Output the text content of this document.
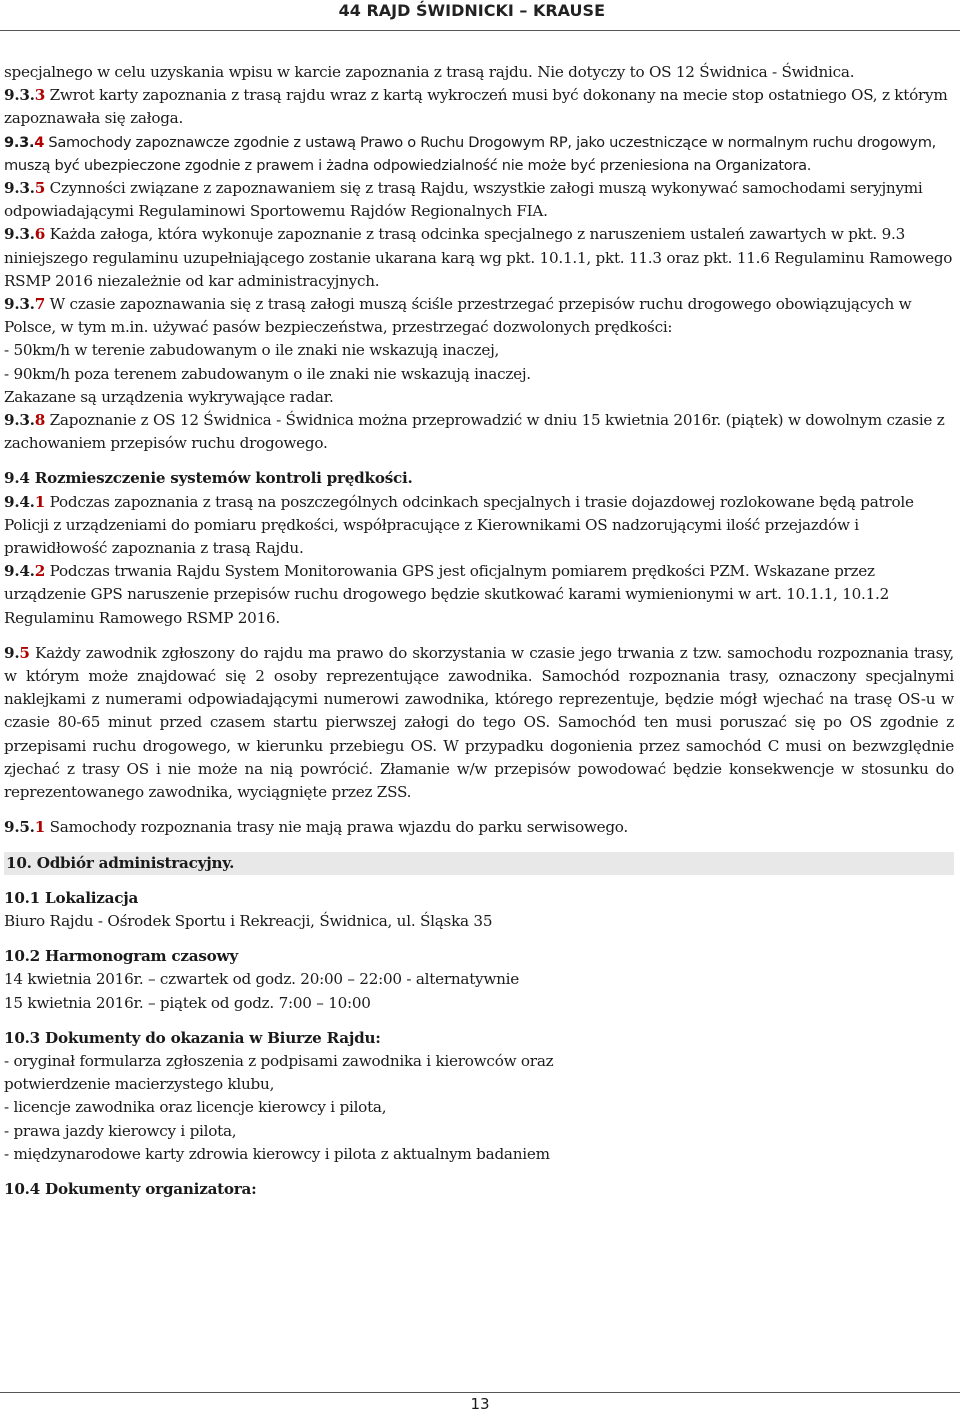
44 RAJD ŚWIDNICKI – KRAUSE

specjalnego w celu uzyskania wpisu w karcie zapoznania z trasą rajdu. Nie dotyczy to OS 12 Świdnica - Świdnica.

9.3.3 Zwrot karty zapoznania z trasą rajdu wraz z kartą wykroczeń musi być dokonany na mecie stop ostatniego OS, z którym zapoznawała się załoga.

9.3.4 Samochody zapoznawcze zgodnie z ustawą Prawo o Ruchu Drogowym RP, jako uczestniczące w normalnym ruchu drogowym, muszą być ubezpieczone zgodnie z prawem i żadna odpowiedzialność nie może być przeniesiona na Organizatora.

9.3.5 Czynności związane z zapoznawaniem się z trasą Rajdu, wszystkie załogi muszą wykonywać samochodami seryjnymi odpowiadającymi Regulaminowi Sportowemu Rajdów Regionalnych FIA.

9.3.6 Każda załoga, która wykonuje zapoznanie z trasą odcinka specjalnego z naruszeniem ustaleń zawartych w pkt. 9.3 niniejszego regulaminu uzupełniającego zostanie ukarana karą wg pkt. 10.1.1, pkt. 11.3 oraz pkt. 11.6 Regulaminu Ramowego RSMP 2016 niezależnie od kar administracyjnych.

9.3.7 W czasie zapoznawania się z trasą załogi muszą ściśle przestrzegać przepisów ruchu drogowego obowiązujących w Polsce, w tym m.in. używać pasów bezpieczeństwa, przestrzegać dozwolonych prędkości:

- 50km/h w terenie zabudowanym o ile znaki nie wskazują inaczej,

- 90km/h poza terenem zabudowanym o ile znaki nie wskazują inaczej.

Zakazane są urządzenia wykrywające radar.

9.3.8 Zapoznanie z OS 12 Świdnica - Świdnica można przeprowadzić w dniu 15 kwietnia 2016r. (piątek) w dowolnym czasie z zachowaniem przepisów ruchu drogowego.

9.4 Rozmieszczenie systemów kontroli prędkości.

9.4.1 Podczas zapoznania z trasą na poszczególnych odcinkach specjalnych i trasie dojazdowej rozlokowane będą patrole Policji z urządzeniami do pomiaru prędkości, współpracujące z Kierownikami OS nadzorującymi ilość przejazdów i prawidłowość zapoznania z trasą Rajdu.

9.4.2 Podczas trwania Rajdu System Monitorowania GPS jest oficjalnym pomiarem prędkości PZM. Wskazane przez urządzenie GPS naruszenie przepisów ruchu drogowego będzie skutkować karami wymienionymi w art. 10.1.1, 10.1.2 Regulaminu Ramowego RSMP 2016.

9.5 Każdy zawodnik zgłoszony do rajdu ma prawo do skorzystania w czasie jego trwania z tzw. samochodu rozpoznania trasy, w którym może znajdować się 2 osoby reprezentujące zawodnika. Samochód rozpoznania trasy, oznaczony specjalnymi naklejkami z numerami odpowiadającymi numerowi zawodnika, którego reprezentuje, będzie mógł wjechać na trasę OS-u w czasie 80-65 minut przed czasem startu pierwszej załogi do tego OS. Samochód ten musi poruszać się po OS zgodnie z przepisami ruchu drogowego, w kierunku przebiegu OS. W przypadku dogonienia przez samochód C musi on bezwzględnie zjechać z trasy OS i nie może na nią powrócić. Złamanie w/w przepisów powodować będzie konsekwencje w stosunku do reprezentowanego zawodnika, wyciągnięte przez ZSS.

9.5.1 Samochody rozpoznania trasy nie mają prawa wjazdu do parku serwisowego.

10. Odbiór administracyjny.

10.1 Lokalizacja

Biuro Rajdu - Ośrodek Sportu i Rekreacji, Świdnica, ul. Śląska 35

10.2 Harmonogram czasowy

14 kwietnia 2016r. – czwartek od godz. 20:00 – 22:00 - alternatywnie

15 kwietnia 2016r. – piątek od godz. 7:00 – 10:00

10.3 Dokumenty do okazania w Biurze Rajdu:

- oryginał formularza zgłoszenia z podpisami zawodnika i kierowców oraz

potwierdzenie macierzystego klubu,

- licencje zawodnika oraz licencje kierowcy i pilota,

- prawa jazdy kierowcy i pilota,

- międzynarodowe karty zdrowia kierowcy i pilota z aktualnym badaniem

10.4 Dokumenty organizatora:

13
